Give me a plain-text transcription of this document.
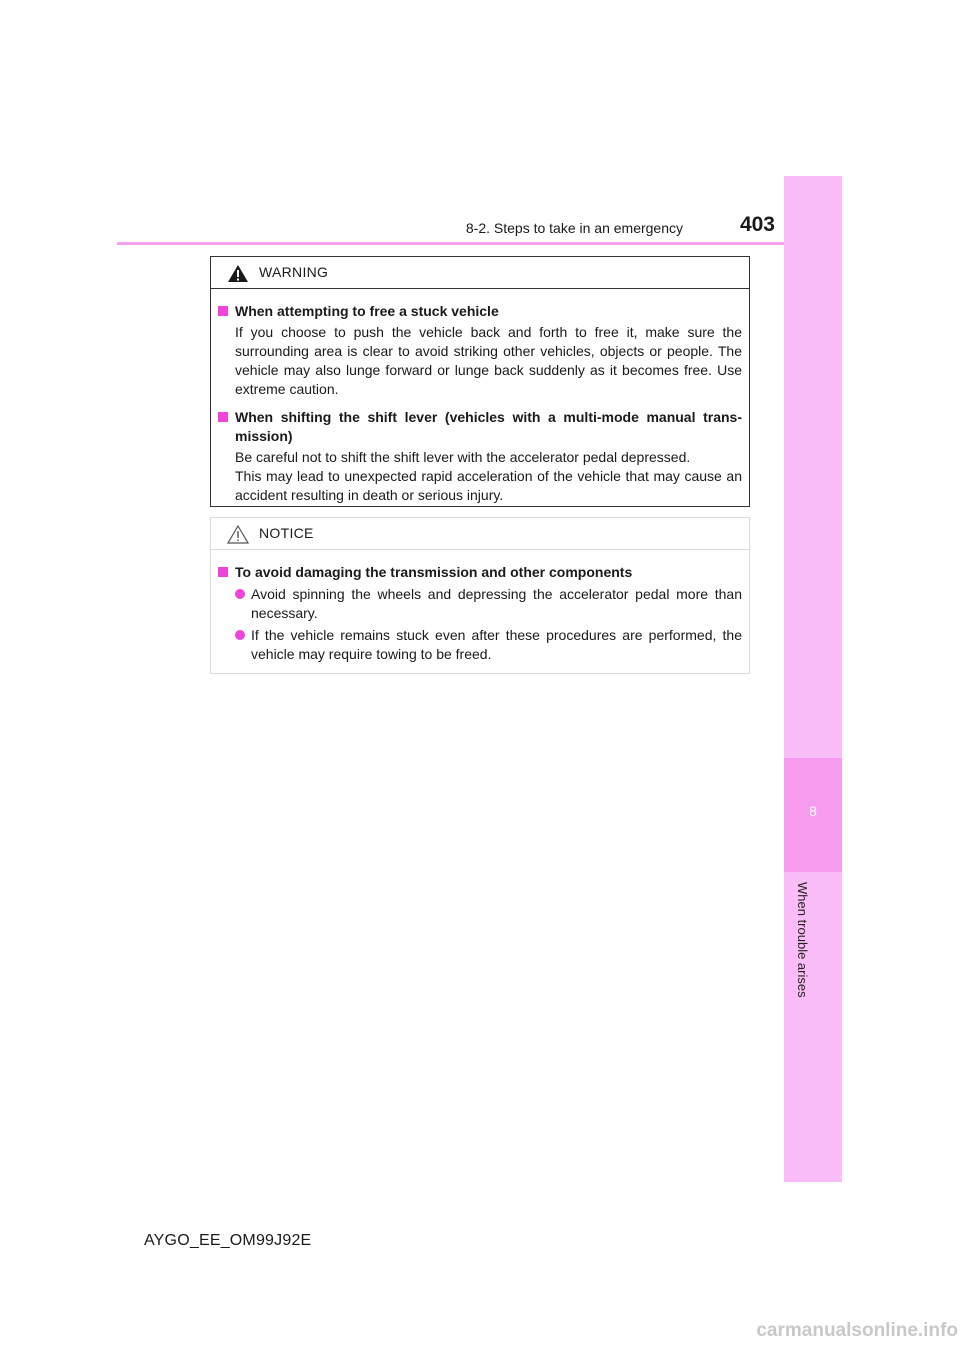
8-2. Steps to take in an emergency	403
8
When trouble arises
WARNING
When attempting to free a stuck vehicle
If you choose to push the vehicle back and forth to free it, make sure the surrounding area is clear to avoid striking other vehicles, objects or people. The vehicle may also lunge forward or lunge back suddenly as it becomes free. Use extreme caution.
When shifting the shift lever (vehicles with a multi-mode manual trans-mission)
Be careful not to shift the shift lever with the accelerator pedal depressed.
This may lead to unexpected rapid acceleration of the vehicle that may cause an accident resulting in death or serious injury.
NOTICE
To avoid damaging the transmission and other components
Avoid spinning the wheels and depressing the accelerator pedal more than necessary.
If the vehicle remains stuck even after these procedures are performed, the vehicle may require towing to be freed.
AYGO_EE_OM99J92E
carmanualsonline.info
